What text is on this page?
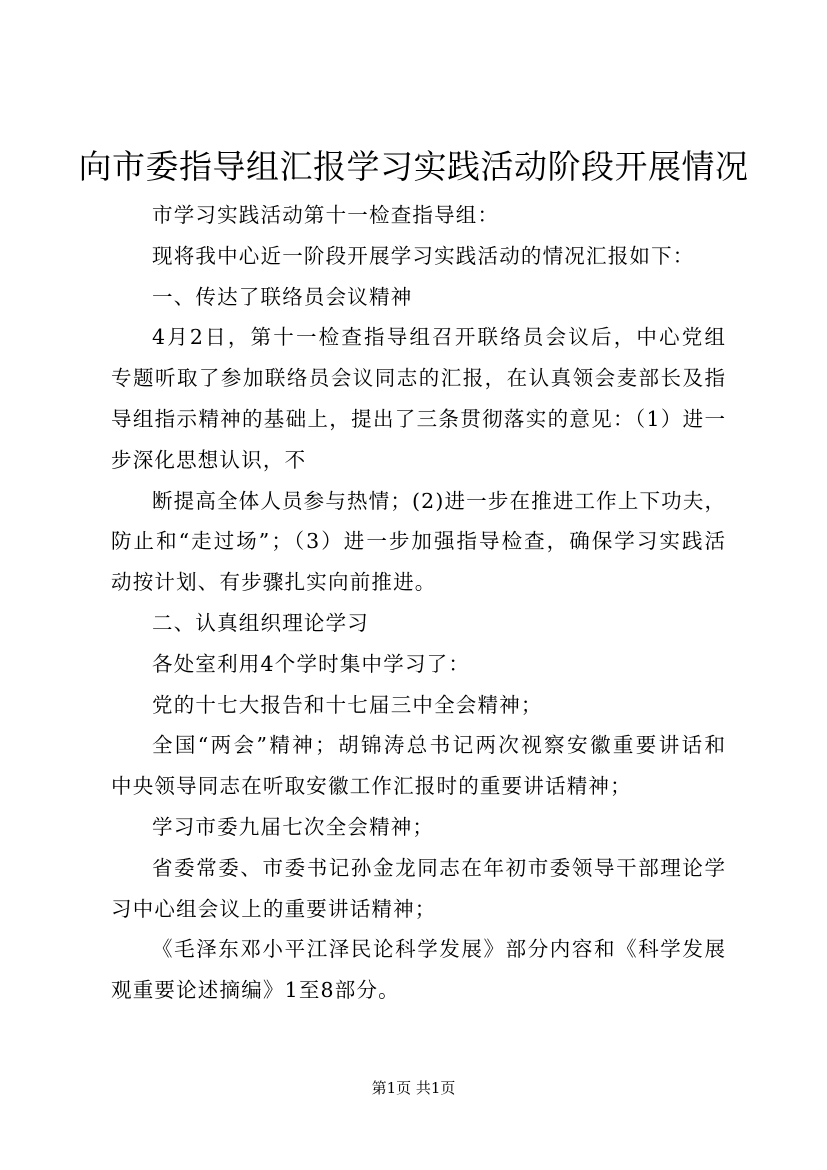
向市委指导组汇报学习实践活动阶段开展情况
市学习实践活动第十一检查指导组：
现将我中心近一阶段开展学习实践活动的情况汇报如下：
一、传达了联络员会议精神
4月2日，第十一检查指导组召开联络员会议后，中心党组
专题听取了参加联络员会议同志的汇报，在认真领会麦部长及指
导组指示精神的基础上，提出了三条贯彻落实的意见：（1）进一
步深化思想认识，不
断提高全体人员参与热情；(2)进一步在推进工作上下功夫，
防止和“走过场”；（3）进一步加强指导检查，确保学习实践活
动按计划、有步骤扎实向前推进。
二、认真组织理论学习
各处室利用4个学时集中学习了：
党的十七大报告和十七届三中全会精神；
全国“两会”精神；胡锦涛总书记两次视察安徽重要讲话和
中央领导同志在听取安徽工作汇报时的重要讲话精神；
学习市委九届七次全会精神；
省委常委、市委书记孙金龙同志在年初市委领导干部理论学
习中心组会议上的重要讲话精神；
《毛泽东邓小平江泽民论科学发展》部分内容和《科学发展
观重要论述摘编》1至8部分。
第1页 共1页
